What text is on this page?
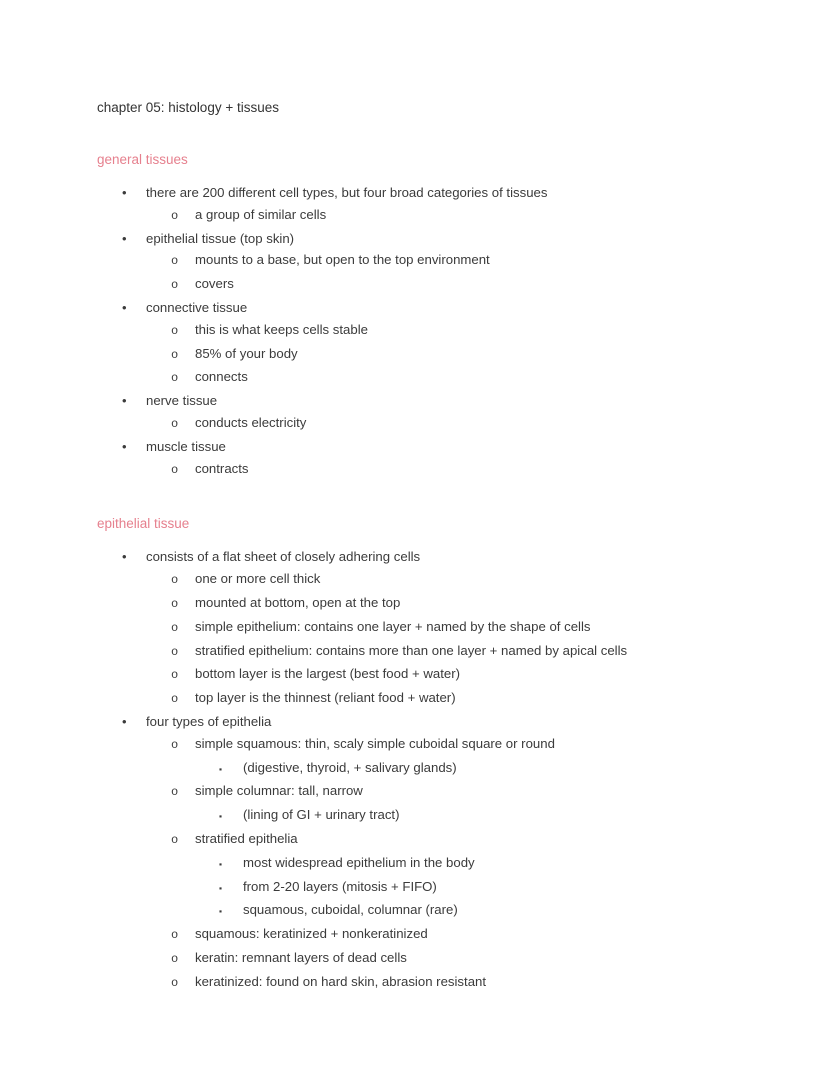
chapter 05: histology + tissues
general tissues
•	there are 200 different cell types, but four broad categories of tissues
o	a group of similar cells
•	epithelial tissue (top skin)
o	mounts to a base, but open to the top environment
o	covers
•	connective tissue
o	this is what keeps cells stable
o	85% of your body
o	connects
•	nerve tissue
o	conducts electricity
•	muscle tissue
o	contracts
epithelial tissue
•	consists of a flat sheet of closely adhering cells
o	one or more cell thick
o	mounted at bottom, open at the top
o	simple epithelium: contains one layer + named by the shape of cells
o	stratified epithelium: contains more than one layer + named by apical cells
o	bottom layer is the largest (best food + water)
o	top layer is the thinnest (reliant food + water)
•	four types of epithelia
o	simple squamous: thin, scaly simple cuboidal square or round
▪	(digestive, thyroid, + salivary glands)
o	simple columnar: tall, narrow
▪	(lining of GI + urinary tract)
o	stratified epithelia
▪	most widespread epithelium in the body
▪	from 2-20 layers (mitosis + FIFO)
▪	squamous, cuboidal, columnar (rare)
o	squamous: keratinized + nonkeratinized
o	keratin: remnant layers of dead cells
o	keratinized: found on hard skin, abrasion resistant
